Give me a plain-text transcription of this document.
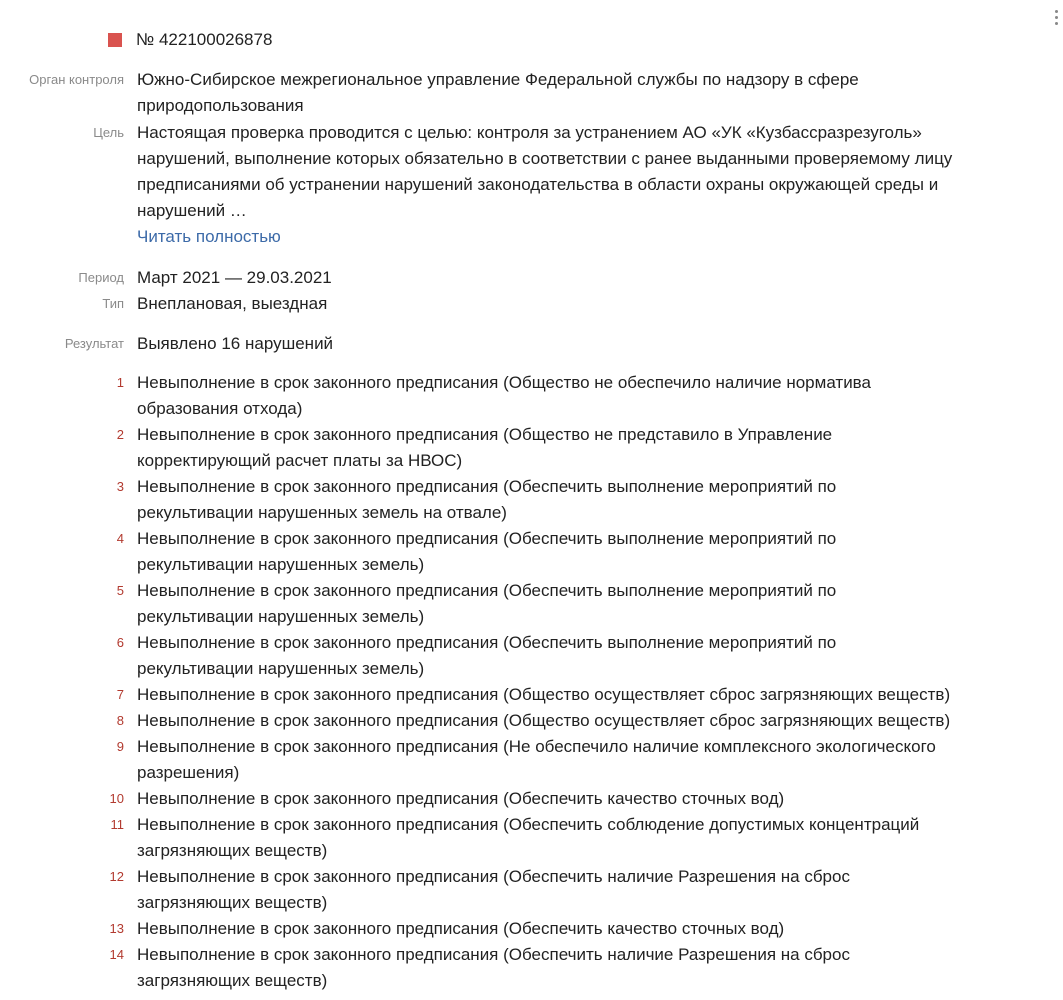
№ 422100026878
Орган контроля Южно-Сибирское межрегиональное управление Федеральной службы по надзору в сфере
природопользования
Цель Настоящая проверка проводится с целью: контроля за устранением АО «УК «Кузбассразрезуголь»
нарушений, выполнение которых обязательно в соответствии с ранее выданными проверяемому лицу
предписаниями об устранении нарушений законодательства в области охраны окружающей среды и
нарушений …
Читать полностью
Период Март 2021 — 29.03.2021
Тип Внеплановая, выездная
Результат Выявлено 16 нарушений
1 Невыполнение в срок законного предписания (Общество не обеспечило наличие норматива
образования отхода)
2 Невыполнение в срок законного предписания (Общество не представило в Управление
корректирующий расчет платы за НВОС)
3 Невыполнение в срок законного предписания (Обеспечить выполнение мероприятий по
рекультивации нарушенных земель на отвале)
4 Невыполнение в срок законного предписания (Обеспечить выполнение мероприятий по
рекультивации нарушенных земель)
5 Невыполнение в срок законного предписания (Обеспечить выполнение мероприятий по
рекультивации нарушенных земель)
6 Невыполнение в срок законного предписания (Обеспечить выполнение мероприятий по
рекультивации нарушенных земель)
7 Невыполнение в срок законного предписания (Общество осуществляет сброс загрязняющих веществ)
8 Невыполнение в срок законного предписания (Общество осуществляет сброс загрязняющих веществ)
9 Невыполнение в срок законного предписания (Не обеспечило наличие комплексного экологического
разрешения)
10 Невыполнение в срок законного предписания (Обеспечить качество сточных вод)
11 Невыполнение в срок законного предписания (Обеспечить соблюдение допустимых концентраций
загрязняющих веществ)
12 Невыполнение в срок законного предписания (Обеспечить наличие Разрешения на сброс
загрязняющих веществ)
13 Невыполнение в срок законного предписания (Обеспечить качество сточных вод)
14 Невыполнение в срок законного предписания (Обеспечить наличие Разрешения на сброс
загрязняющих веществ)
